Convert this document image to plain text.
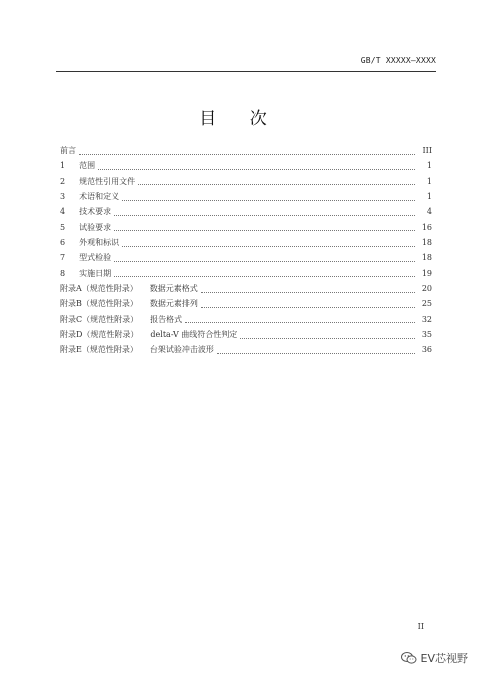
GB/T XXXXX—XXXX
目 次
前言	III
1 范围	1
2 规范性引用文件	1
3 术语和定义	1
4 技术要求	4
5 试验要求	16
6 外观和标识	18
7 型式检验	18
8 实施日期	19
附录A（规范性附录） 数据元素格式	20
附录B（规范性附录） 数据元素排列	25
附录C（规范性附录） 报告格式	32
附录D（规范性附录） delta-V 曲线符合性判定	35
附录E（规范性附录） 台架试验冲击波形	36
II
EV芯视野
